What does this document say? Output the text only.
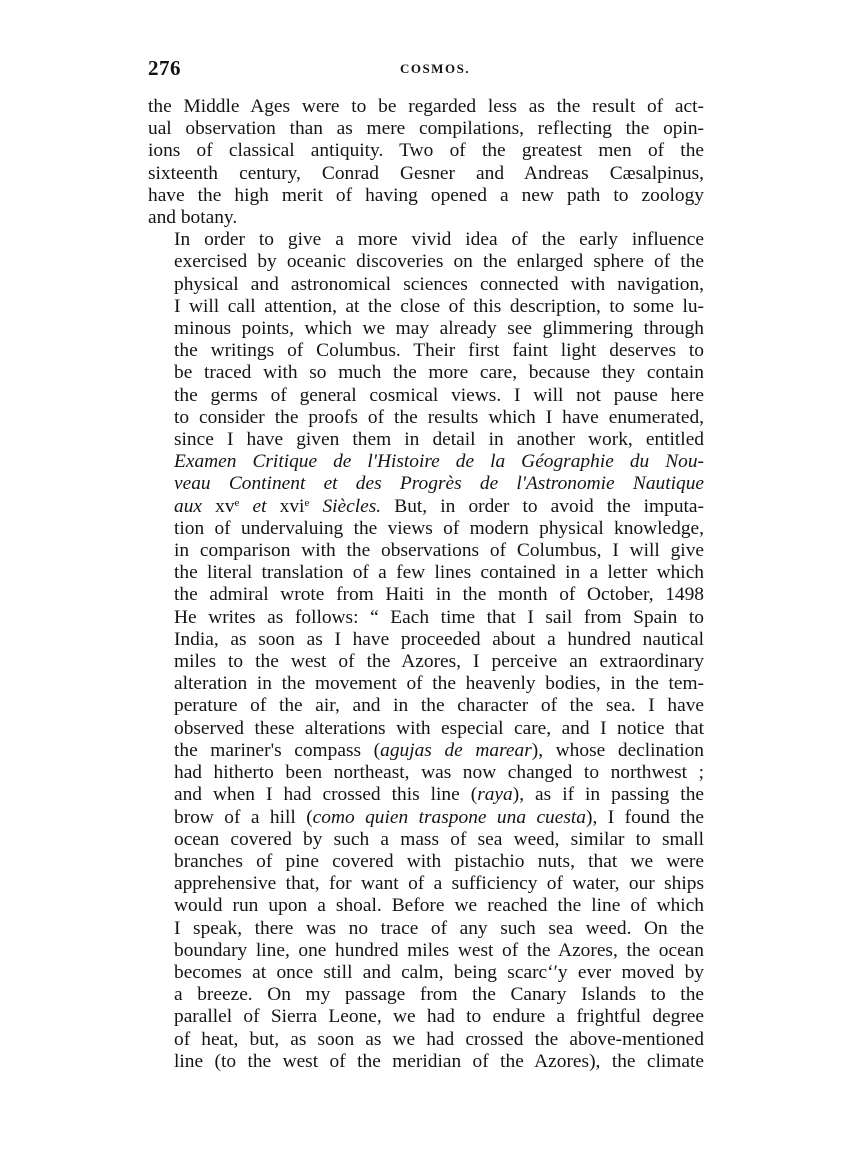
276	COSMOS.

the Middle Ages were to be regarded less as the result of act-
ual observation than as mere compilations, reflecting the opin-
ions of classical antiquity. Two of the greatest men of the
sixteenth century, Conrad Gesner and Andreas Cæsalpinus,
have the high merit of having opened a new path to zoology
and botany.

In order to give a more vivid idea of the early influence
exercised by oceanic discoveries on the enlarged sphere of the
physical and astronomical sciences connected with navigation,
I will call attention, at the close of this description, to some lu-
minous points, which we may already see glimmering through
the writings of Columbus. Their first faint light deserves to
be traced with so much the more care, because they contain
the germs of general cosmical views. I will not pause here
to consider the proofs of the results which I have enumerated,
since I have given them in detail in another work, entitled
Examen Critique de l'Histoire de la Géographie du Nou-
veau Continent et des Progrès de l'Astronomie Nautique
aux $xv^e$ et xvi$^e$ Siècles. But, in order to avoid the imputa-
tion of undervaluing the views of modern physical knowledge,
in comparison with the observations of Columbus, I will give
the literal translation of a few lines contained in a letter which
the admiral wrote from Haiti in the month of October, 1498
He writes as follows: “ Each time that I sail from Spain to
India, as soon as I have proceeded about a hundred nautical
miles to the west of the Azores, I perceive an extraordinary
alteration in the movement of the heavenly bodies, in the tem-
perature of the air, and in the character of the sea. I have
observed these alterations with especial care, and I notice that
the mariner's compass (agujas de marear), whose declination
had hitherto been northeast, was now changed to northwest ;
and when I had crossed this line (raya), as if in passing the
brow of a hill (como quien traspone una cuesta), I found the
ocean covered by such a mass of sea weed, similar to small
branches of pine covered with pistachio nuts, that we were
apprehensive that, for want of a sufficiency of water, our ships
would run upon a shoal. Before we reached the line of which
I speak, there was no trace of any such sea weed. On the
boundary line, one hundred miles west of the Azores, the ocean
becomes at once still and calm, being scarcʻʹy ever moved by
a breeze. On my passage from the Canary Islands to the
parallel of Sierra Leone, we had to endure a frightful degree
of heat, but, as soon as we had crossed the above-mentioned
line (to the west of the meridian of the Azores), the climate
